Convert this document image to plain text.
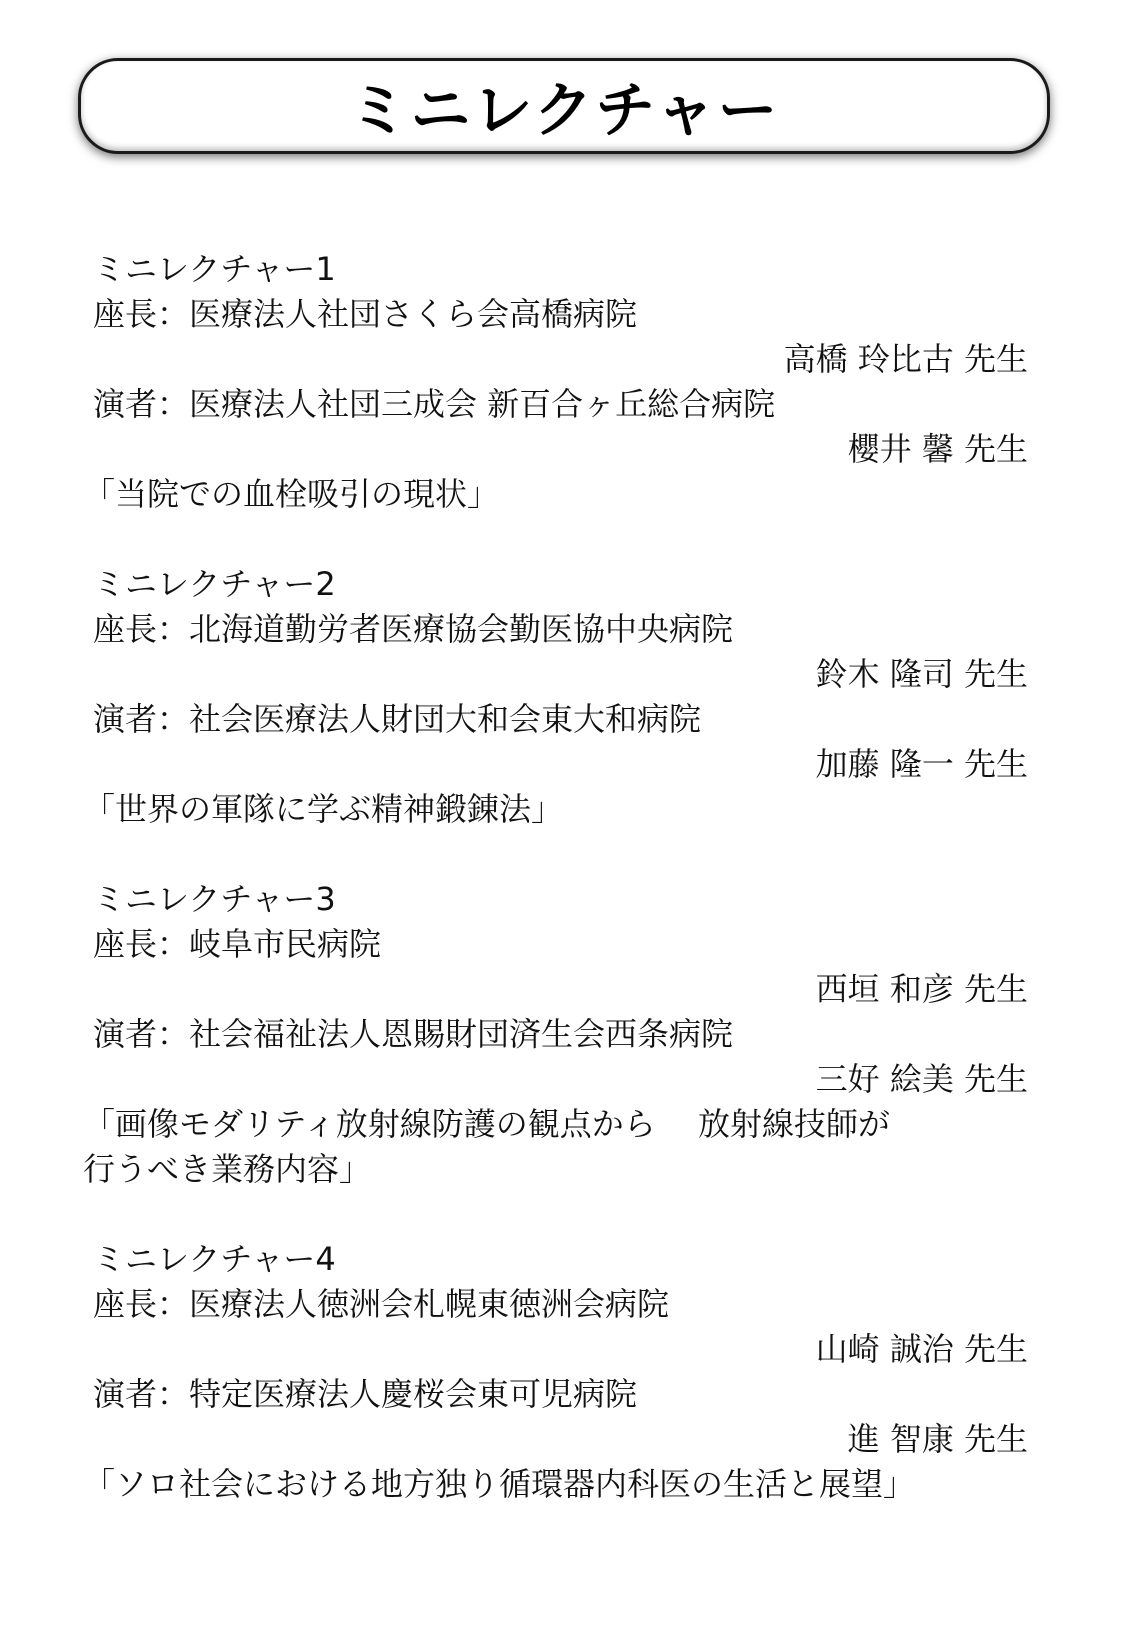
ミニレクチャー
ミニレクチャー1
座長：医療法人社団さくら会高橋病院
高橋 玲比古 先生
演者：医療法人社団三成会 新百合ヶ丘総合病院
櫻井 馨 先生
「当院での血栓吸引の現状」
ミニレクチャー2
座長：北海道勤労者医療協会勤医協中央病院
鈴木 隆司 先生
演者：社会医療法人財団大和会東大和病院
加藤 隆一 先生
「世界の軍隊に学ぶ精神鍛錬法」
ミニレクチャー3
座長：岐阜市民病院
西垣 和彦 先生
演者：社会福祉法人恩賜財団済生会西条病院
三好 絵美 先生
「画像モダリティ放射線防護の観点から　 放射線技師が
行うべき業務内容」
ミニレクチャー4
座長：医療法人徳洲会札幌東徳洲会病院
山崎 誠治 先生
演者：特定医療法人慶桜会東可児病院
進 智康 先生
「ソロ社会における地方独り循環器内科医の生活と展望」
